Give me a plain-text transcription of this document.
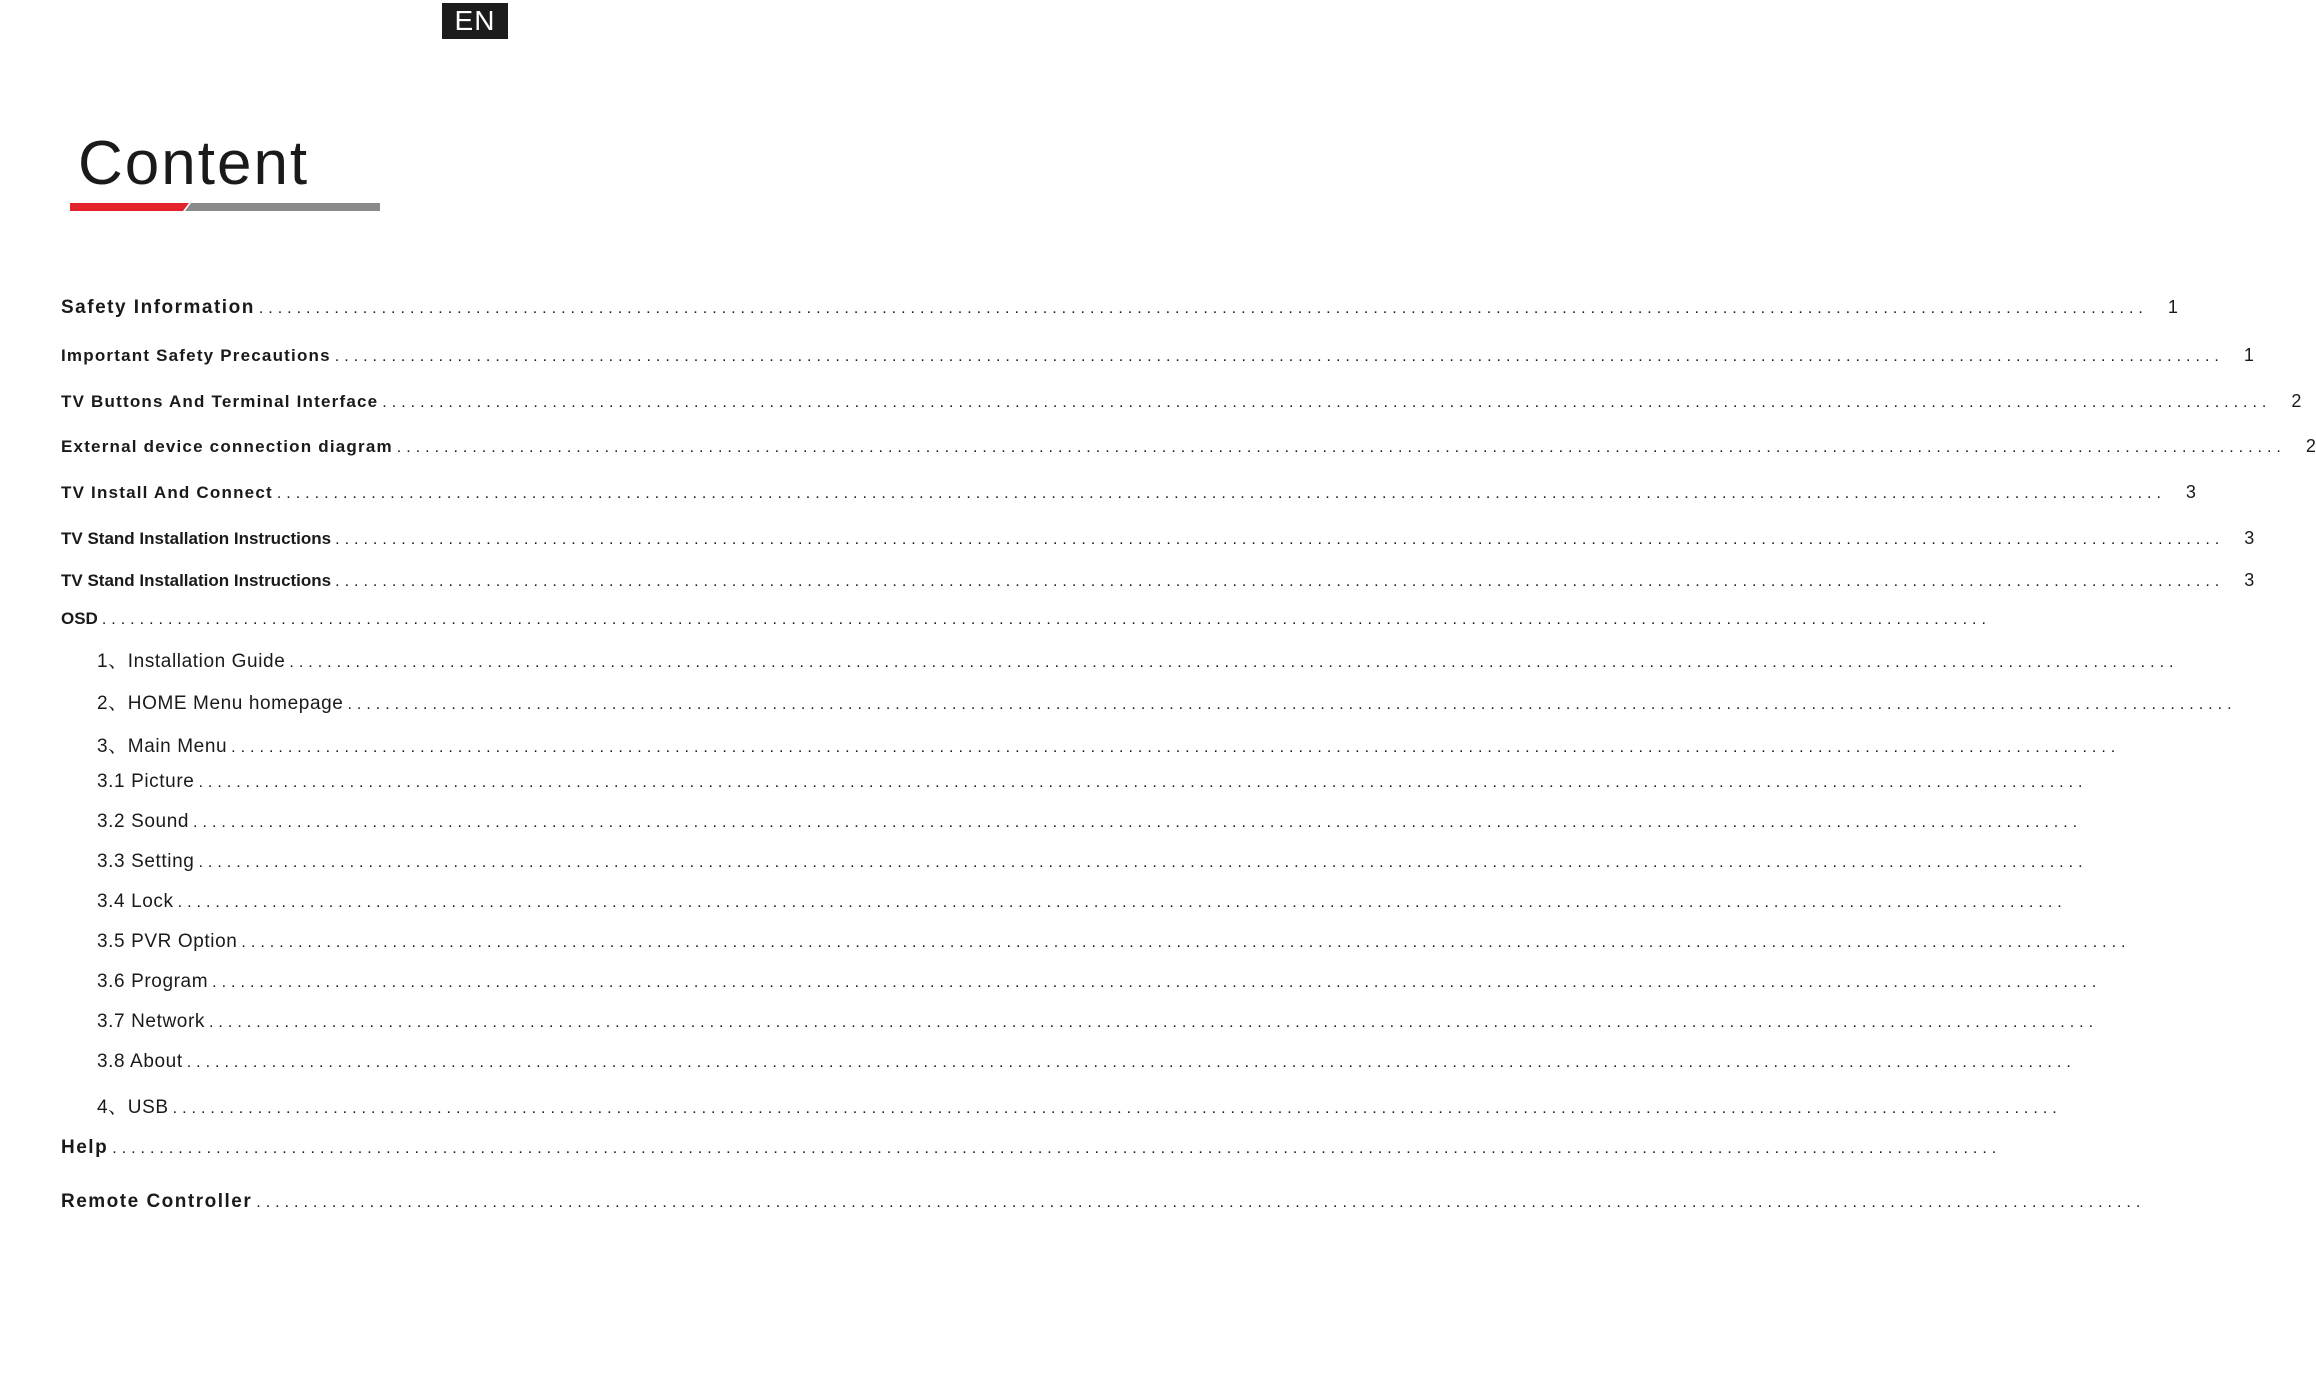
EN
Content
Safety Information ........................................................................................................................................................................................................	1
Important Safety Precautions ........................................................................................................................................................................................................	1
TV Buttons And Terminal Interface ........................................................................................................................................................................................................	2
External device connection diagram ........................................................................................................................................................................................................	2
TV Install And Connect ........................................................................................................................................................................................................	3
TV Stand Installation Instructions ........................................................................................................................................................................................................	3
TV Stand Installation Instructions ........................................................................................................................................................................................................	3
OSD ........................................................................................................................................................................................................
1、Installation Guide ........................................................................................................................................................................................................
2、HOME Menu homepage ........................................................................................................................................................................................................
3、Main Menu ........................................................................................................................................................................................................
3.1 Picture ........................................................................................................................................................................................................
3.2 Sound ........................................................................................................................................................................................................
3.3 Setting ........................................................................................................................................................................................................
3.4 Lock ........................................................................................................................................................................................................
3.5 PVR Option ........................................................................................................................................................................................................
3.6 Program ........................................................................................................................................................................................................
3.7 Network ........................................................................................................................................................................................................
3.8 About ........................................................................................................................................................................................................
4、USB ........................................................................................................................................................................................................
Help ........................................................................................................................................................................................................
Remote Controller ........................................................................................................................................................................................................
